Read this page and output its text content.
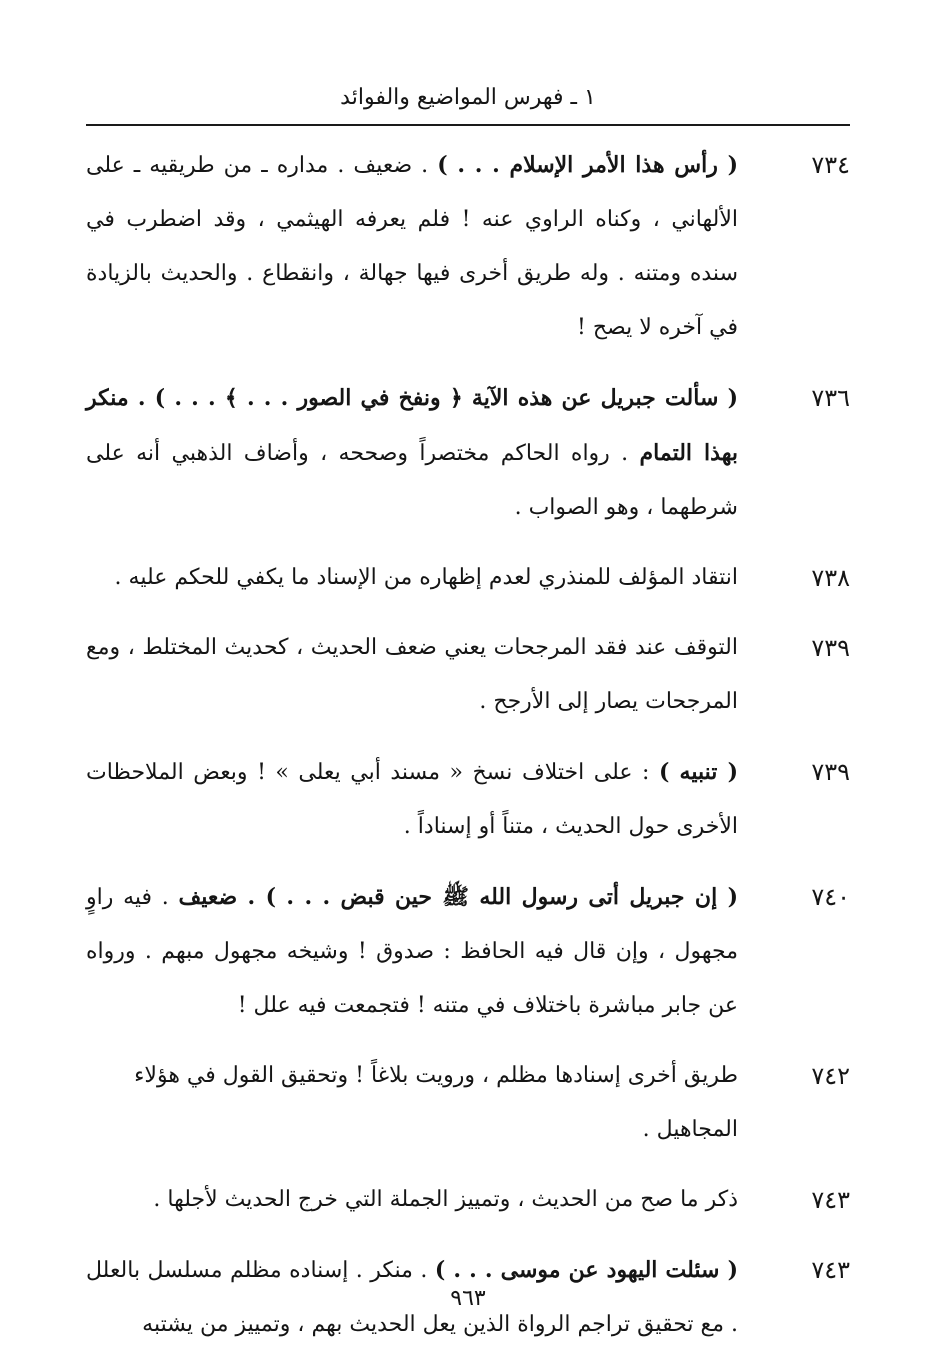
١ ـ فهرس المواضيع والفوائد
٧٣٤
( رأس هذا الأمر الإسلام . . . ) . ضعيف . مداره ـ من طريقيه ـ على الألهاني ، وكناه الراوي عنه ! فلم يعرفه الهيثمي ، وقد اضطرب في سنده ومتنه . وله طريق أخرى فيها جهالة ، وانقطاع . والحديث بالزيادة في آخره لا يصح !
٧٣٦
( سألت جبريل عن هذه الآية ﴿ ونفخ في الصور . . . ﴾ . . . ) . منكر بهذا التمام . رواه الحاكم مختصراً وصححه ، وأضاف الذهبي أنه على شرطهما ، وهو الصواب .
٧٣٨
انتقاد المؤلف للمنذري لعدم إظهاره من الإسناد ما يكفي للحكم عليه .
٧٣٩
التوقف عند فقد المرجحات يعني ضعف الحديث ، كحديث المختلط ، ومع المرجحات يصار إلى الأرجح .
٧٣٩
( تنبيه ) : على اختلاف نسخ « مسند أبي يعلى » ! وبعض الملاحظات الأخرى حول الحديث ، متناً أو إسناداً .
٧٤٠
( إن جبريل أتى رسول الله ﷺ حين قبض . . . ) . ضعيف . فيه راوٍ مجهول ، وإن قال فيه الحافظ : صدوق ! وشيخه مجهول مبهم . ورواه عن جابر مباشرة باختلاف في متنه ! فتجمعت فيه علل !
٧٤٢
طريق أخرى إسنادها مظلم ، ورويت بلاغاً ! وتحقيق القول في هؤلاء المجاهيل .
٧٤٣
ذكر ما صح من الحديث ، وتمييز الجملة التي خرج الحديث لأجلها .
٧٤٣
( سئلت اليهود عن موسى . . . ) . منكر . إسناده مظلم مسلسل بالعلل . مع تحقيق تراجم الرواة الذين يعل الحديث بهم ، وتمييز من يشتبه
٩٦٣
